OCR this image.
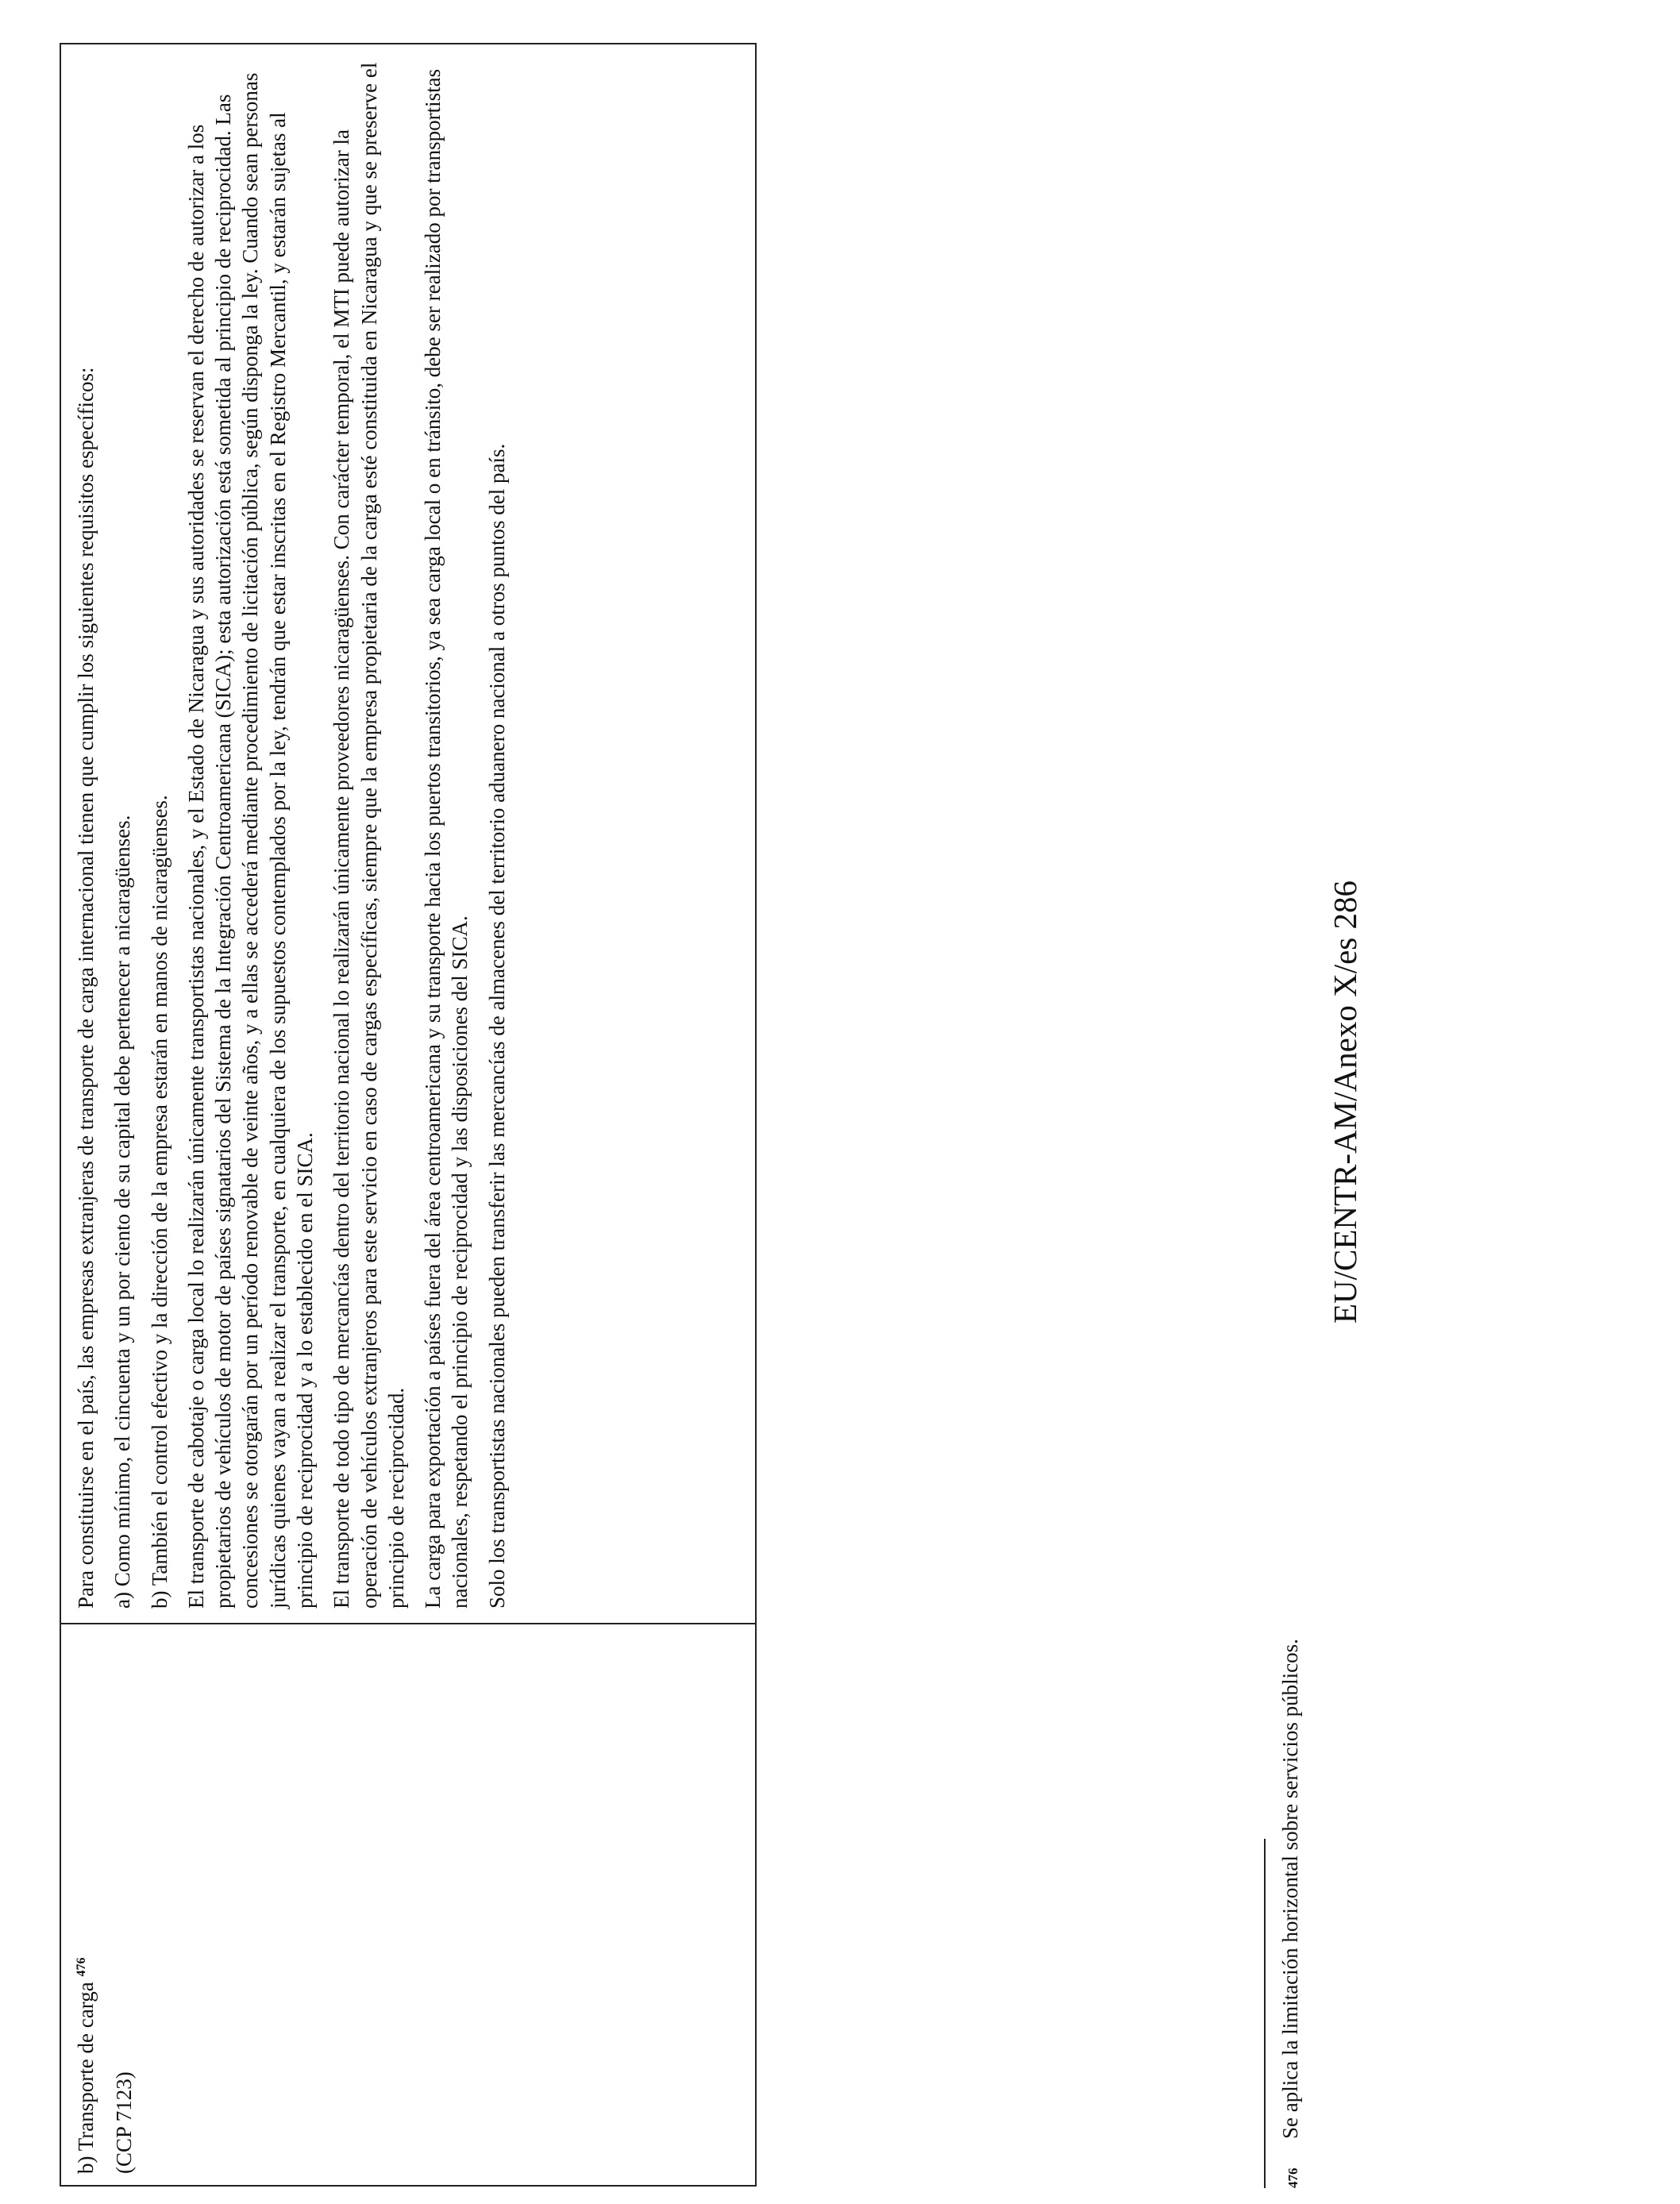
b) Transporte de carga $^{476}$

(CCP 7123)

Para constituirse en el país, las empresas extranjeras de transporte de carga internacional tienen que cumplir los siguientes requisitos específicos: a) Como mínimo, el cincuenta y un por ciento de su capital debe pertenecer a nicaragüenses. b) También el control efectivo y la dirección de la empresa estarán en manos de nicaragüenses. El transporte de cabotaje o carga local lo realizarán únicamente transportistas nacionales, y el Estado de Nicaragua y sus autoridades se reservan el derecho de autorizar a los propietarios de vehículos de motor de países signatarios del Sistema de la Integración Centroamericana (SICA); esta autorización está sometida al principio de reciprocidad. Las concesiones se otorgarán por un período renovable de veinte años, y a ellas se accederá mediante procedimiento de licitación pública, según disponga la ley. Cuando sean personas jurídicas quienes vayan a realizar el transporte, en cualquiera de los supuestos contemplados por la ley, tendrán que estar inscritas en el Registro Mercantil, y estarán sujetas al principio de reciprocidad y a lo establecido en el SICA. El transporte de todo tipo de mercancías dentro del territorio nacional lo realizarán únicamente proveedores nicaragüenses. Con carácter temporal, el MTI puede autorizar la operación de vehículos extranjeros para este servicio en caso de cargas específicas, siempre que la empresa propietaria de la carga esté constituida en Nicaragua y que se preserve el principio de reciprocidad. La carga para exportación a países fuera del área centroamericana y su transporte hacia los puertos transitorios, ya sea carga local o en tránsito, debe ser realizado por transportistas nacionales, respetando el principio de reciprocidad y las disposiciones del SICA. Solo los transportistas nacionales pueden transferir las mercancías de almacenes del territorio aduanero nacional a otros puntos del país.

476
Se aplica la limitación horizontal sobre servicios públicos.
EU/CENTR-AM/Anexo X/es 286
